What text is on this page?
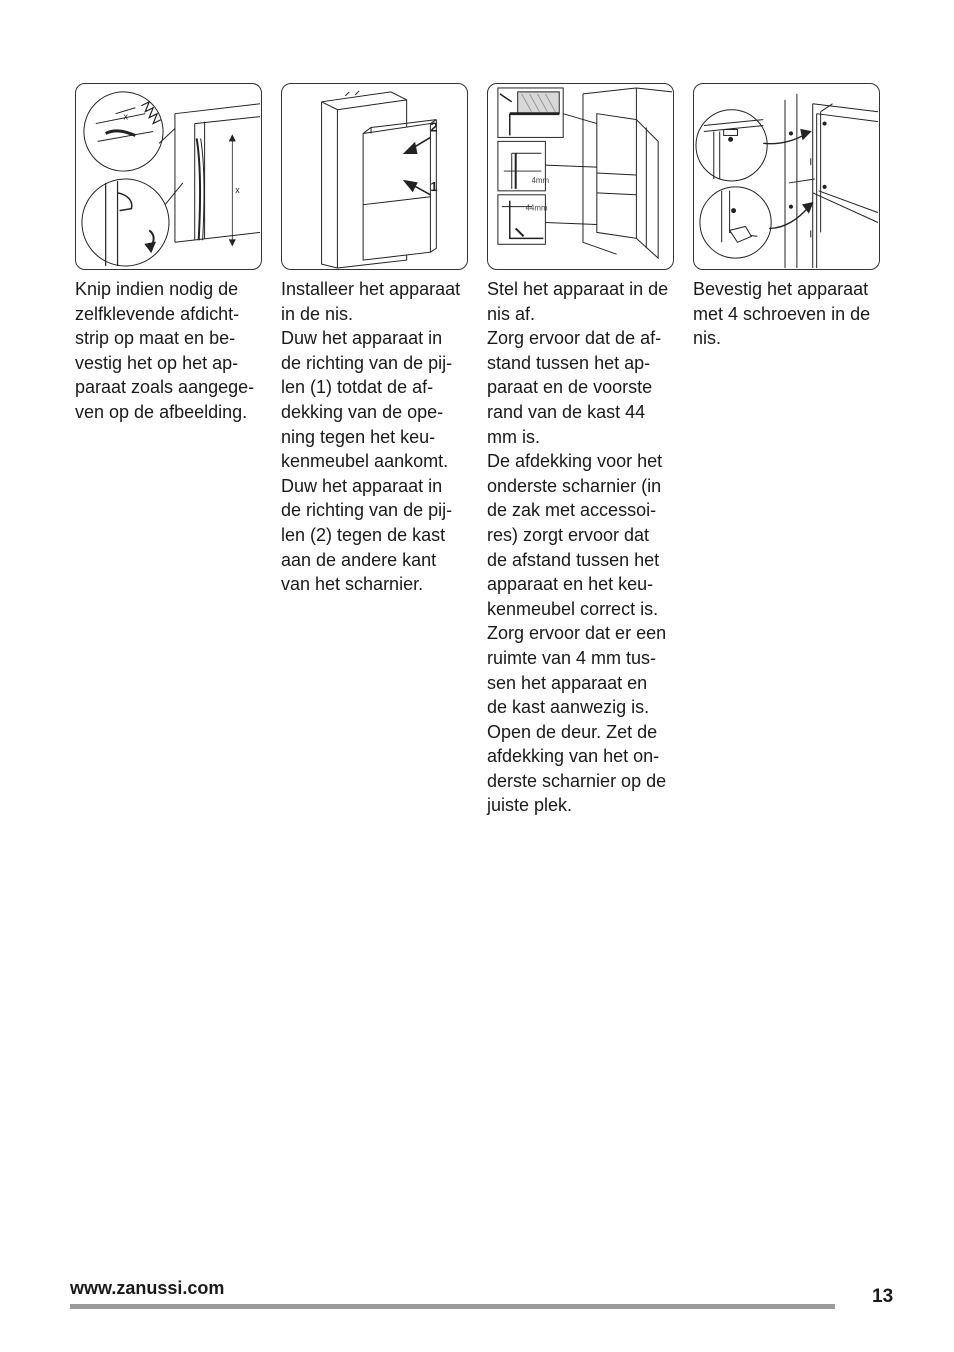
x
x
2
1	4mm
44mm

Knip indien nodig de

zelfklevende afdicht-

strip op maat en be-

vestig het op het ap-

paraat zoals aangege-

ven op de afbeelding.

Installeer het apparaat

in de nis.

Duw het apparaat in

de richting van de pij-

len (1) totdat de af-

dekking van de ope-

ning tegen het keu-

kenmeubel aankomt.

Duw het apparaat in

de richting van de pij-

len (2) tegen de kast

aan de andere kant

van het scharnier.

Stel het apparaat in de

nis af.

Zorg ervoor dat de af-

stand tussen het ap-

paraat en de voorste

rand van de kast 44

mm is.

De afdekking voor het

onderste scharnier (in

de zak met accessoi-

res) zorgt ervoor dat

de afstand tussen het

apparaat en het keu-

kenmeubel correct is.

Zorg ervoor dat er een

ruimte van 4 mm tus-

sen het apparaat en

de kast aanwezig is.

Open de deur. Zet de

afdekking van het on-

derste scharnier op de

juiste plek.

Bevestig het apparaat

met 4 schroeven in de

nis.

www.zanussi.com	13
